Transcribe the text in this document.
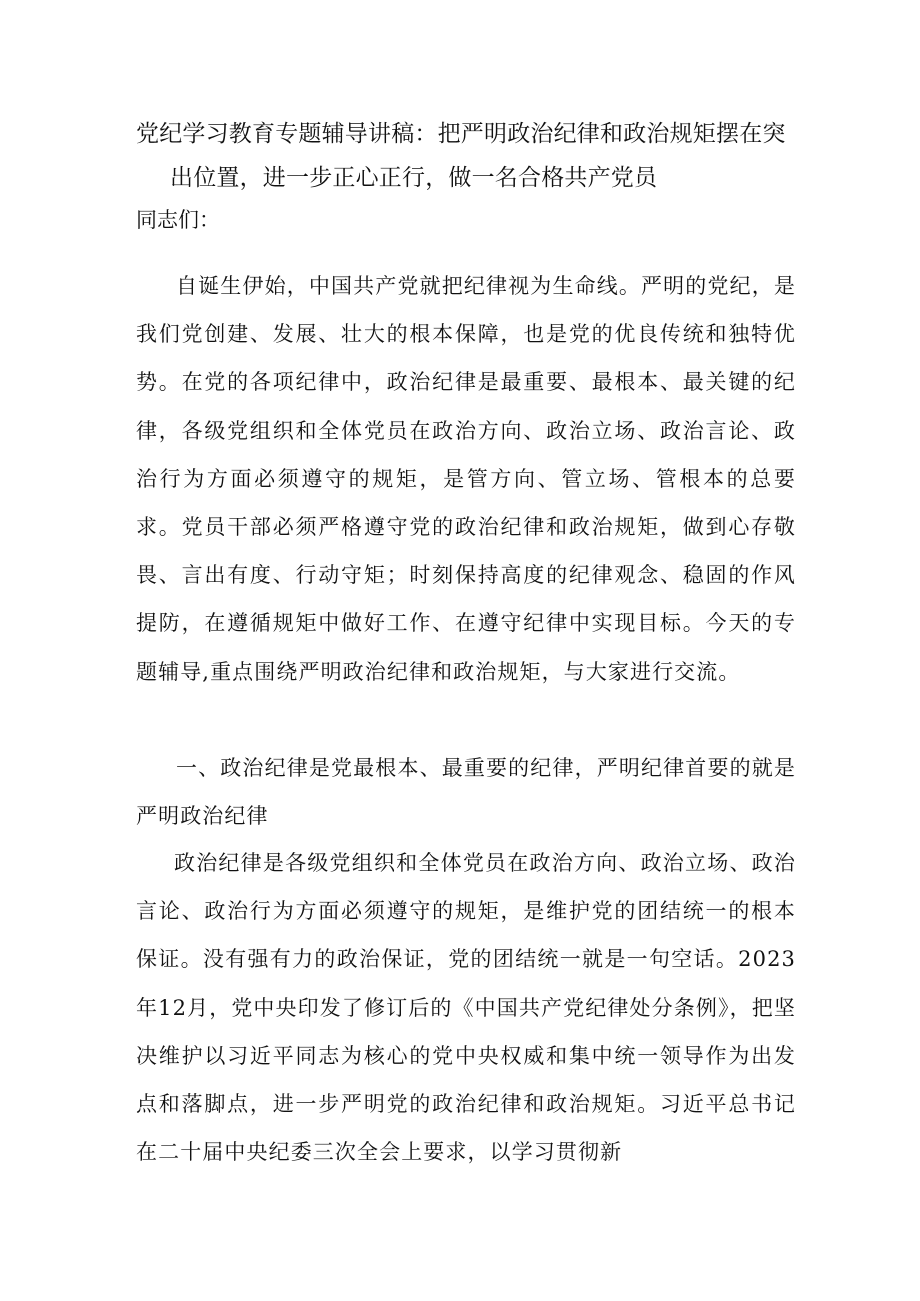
党纪学习教育专题辅导讲稿：把严明政治纪律和政治规矩摆在突
出位置，进一步正心正行，做一名合格共产党员
同志们：

自诞生伊始，中国共产党就把纪律视为生命线。严明的党纪，是我们党创建、发展、壮大的根本保障，也是党的优良传统和独特优势。在党的各项纪律中，政治纪律是最重要、最根本、最关键的纪律，各级党组织和全体党员在政治方向、政治立场、政治言论、政治行为方面必须遵守的规矩，是管方向、管立场、管根本的总要求。党员干部必须严格遵守党的政治纪律和政治规矩，做到心存敬畏、言出有度、行动守矩；时刻保持高度的纪律观念、稳固的作风提防，在遵循规矩中做好工作、在遵守纪律中实现目标。今天的专题辅导,重点围绕严明政治纪律和政治规矩，与大家进行交流。

一、政治纪律是党最根本、最重要的纪律，严明纪律首要的就是严明政治纪律

政治纪律是各级党组织和全体党员在政治方向、政治立场、政治言论、政治行为方面必须遵守的规矩，是维护党的团结统一的根本保证。没有强有力的政治保证，党的团结统一就是一句空话。2023年12月，党中央印发了修订后的《中国共产党纪律处分条例》，把坚决维护以习近平同志为核心的党中央权威和集中统一领导作为出发点和落脚点，进一步严明党的政治纪律和政治规矩。习近平总书记在二十届中央纪委三次全会上要求，以学习贯彻新
